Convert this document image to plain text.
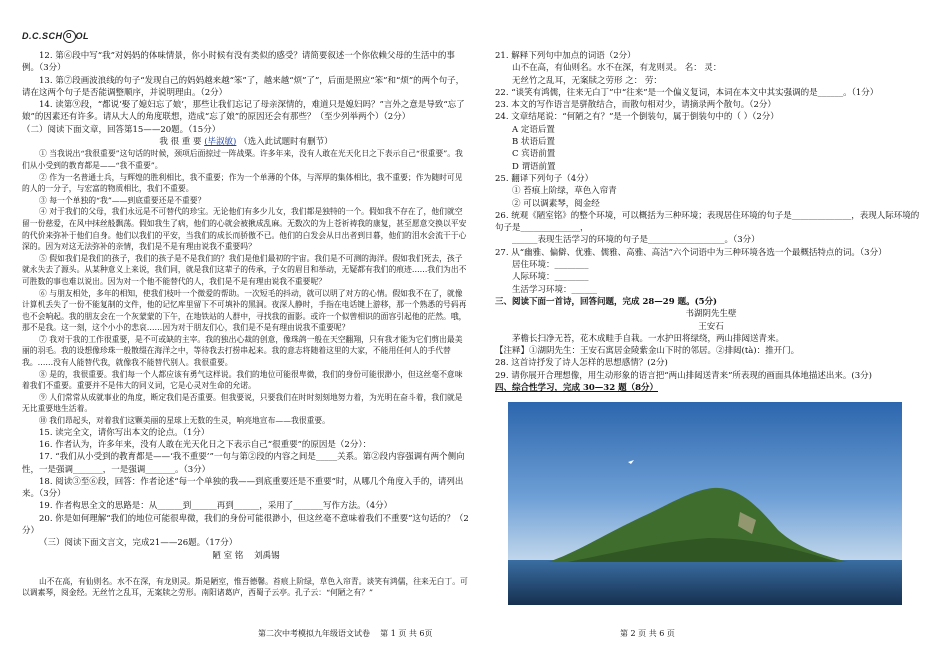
D.C.SCH O OL

12. 第⑥段中写“我”对妈妈的体味情景，你小时候有没有类似的感受？请简要叙述一个你依赖父母的生活中的事例。（3分）

13. 第⑦段画波浪线的句子“发现自己的妈妈越来越“笨”了，越来越“烦”了”，后面是照应“笨”和“烦”的两个句子，请在这两个句子是否能调整顺序，并说明理由。（2分）

14. 读第⑨段，“都说‘娶了媳妇忘了娘’，那些让我们忘记了母亲深情的，难道只是媳妇吗？”言外之意是导致“忘了娘”的因素还有许多。请从大人的角度联想，造成“忘了娘”的原因还会有那些？（至少列举两个）（2分）

（二）阅读下面文章，回答第15——20题。（15分）

我 很 重 要 (毕淑敏) （选入此试题时有删节）

① 当我说出“我很重要”这句话的时候，颈项后面掠过一阵战栗。许多年来，没有人敢在光天化日之下表示自己“很重要”。我们从小受到的教育都是——“我不重要”。

② 作为一名普通士兵，与辉煌的胜利相比，我不重要；作为一个单薄的个体，与浑厚的集体相比，我不重要；作为随时可见的人的一分子，与宏富的物质相比，我们不重要。

③ 每一个单独的“我”——到底重要还是不重要？

④ 对于我们的父母，我们永远是不可替代的珍宝。无论他们有多少儿女，我们都是独特的一个。假如我不存在了，他们就空留一份慈爱，在风中抹丝般飘荡。假如我生了病，他们的心就会被揪成乱麻。无数次的为上苍祈祷我的康复，甚至愿意交换以平安的代价来弥补于他们自身。他们以我们的平安，当我们的成长而骄傲不已。他们的白发会从日出者到日暮，他们的泪水会流干于心深的。因为对这无法弥补的亲情，我们是不是有理由说我不重要吗？

⑤ 假如我们是我们的孩子，我们的孩子是不是我们的？我们是他们最初的宇宙。我们是不可测的海洋。假如我们死去，孩子就永失去了源头。从某种意义上来说，我们同，就是我们这辈子的传承，子女的眉目和举动，无疑都有我们的痕迹……我们为出不可胜数的事也难以说出。因为对一个他不能替代的人，我们是不是有理由说我不重要呢？

⑥ 与朋友相处，多年的相知，使我们枝叶一个微爱的帮助。一次短毛的抖动，就可以明了对方的心情。假如我不在了，就像计算机丢失了一份不能复制的文件，他的记忆库里留下不可填补的黑洞。夜深人静时，手指在电话键上游移，那一个熟悉的号码再也不会响起。我的朋友会在一个灰蒙蒙的下午，在地铁站的人群中，寻找我的面影。或许一个似曾相识的面容引起他的茫然。哦，那不是我。这一刻，这个小小的悲哀……因为对于朋友们心，我们是不是有理由说我不重要呢？

⑦ 我对于我的工作很重要，是不可或缺的主宰。我的独出心裁的创意，像珠鸽一般在天空翻翔，只有我才能为它们剪出最美丽的羽毛。我的设想像珍珠一般散缀在海洋之中，等待我去打捞串起来。我的意志将随着这里的大家，不能用任何人的手代替我。……没有人能替代我，就像我不能替代别人。我很重要。

⑧ 是的，我很重要。我们每一个人都应该有勇气这样说。我们的地位可能很卑微，我们的身份可能很渺小，但这丝毫不意味着我们不重要。重要并不是伟大的同义词，它是心灵对生命的允诺。

⑨ 人们常常从成就事业的角度，断定我们是否重要。但我要说，只要我们在时时刻刻地努力着，为光明在奋斗着，我们就是无比重要地生活着。

⑩ 我们昂起头，对着我们这颗美丽的星球上无数的生灵，响亮地宣布——我很重要。

15. 读完全文，请你写出本文的论点。（1分）

16. 作者认为，许多年来，没有人敢在光天化日之下表示自己“很重要”的原因是（2分）：

17. “我们从小受到的教育都是——‘我不重要’”一句与第②段的内容之间是_____关系。第②段内容强调有两个侧向性，一是强调_______，一是强调_______。（3分）

18. 阅读③至⑥段，回答：作者论述“每一个单独的我——到底重要还是不重要”时，从哪几个角度入手的，请列出来。（3分）

19. 作者构思全文的思路是：从______到______再到______，采用了_______写作方法。（4分）

20. 你是如何理解“我们的地位可能很卑微，我们的身份可能很渺小，但这丝毫不意味着我们不重要”这句话的？（2分）

（三）阅读下面文言文，完成21——26题。（17分）

陋 室 铭 刘禹锡

山不在高，有仙则名。水不在深，有龙则灵。斯是陋室，惟吾德馨。苔痕上阶绿，草色入帘青。谈笑有鸿儒，往来无白丁。可以调素琴，阅金经。无丝竹之乱耳，无案牍之劳形。南阳诸葛庐，西蜀子云亭。孔子云：“何陋之有？”

21. 解释下列句中加点的词语（2分）

山不在高，有仙则名。水不在深，有龙则灵。 名： 灵：

无丝竹之乱耳，无案牍之劳形 之： 劳：

22. “谈笑有鸿儒，往来无白丁”中“往来”是一个偏义复词，本词在本文中其实强调的是______。（1分）

23. 本文的写作语言是骈散结合，而散句相对少，请摘录两个散句。（2分）

24. 文章结尾说：“何陋之有？”是一个倒装句，属于倒装句中的（ ）（2分）

A 定语后置

B 状语后置

C 宾语前置

D 谓语前置

25. 翻译下列句子（4分）

① 苔痕上阶绿，草色入帘青

② 可以调素琴，阅金经

26. 统观《陋室铭》的整个环境，可以概括为三种环境；表现居住环境的句子是______________，表现人际环境的句子是______________，

______表现生活学习的环境的句子是__________________。（3分）

27. 从“幽雅、偏僻、优雅、儒雅、高雅、高洁”六个词语中为三种环境各选一个最概括特点的词。（3分）

居住环境：________

人际环境：________

生活学习环境：______

三、阅读下面一首诗，回答问题，完成 28—29 题。(5分)

书湖阴先生壁

王安石

茅檐长扫净无苔，花木成畦手自栽。一水护田将绿绕，两山排闼送青来。

【注释】①湖阴先生：王安石寓居金陵紫金山下时的邻居。②排闼(tà)：推开门。

28. 这首诗抒发了诗人怎样的思想感情？(2分)

29. 请你展开合理想像，用生动形象的语言把“两山排闼送青来”所表现的画面具体地描述出来。(3分)

四、综合性学习，完成 30—32 题（8分）

第二次中考模拟九年级语文试卷 第 1 页 共 6页	第 2 页 共 6 页
